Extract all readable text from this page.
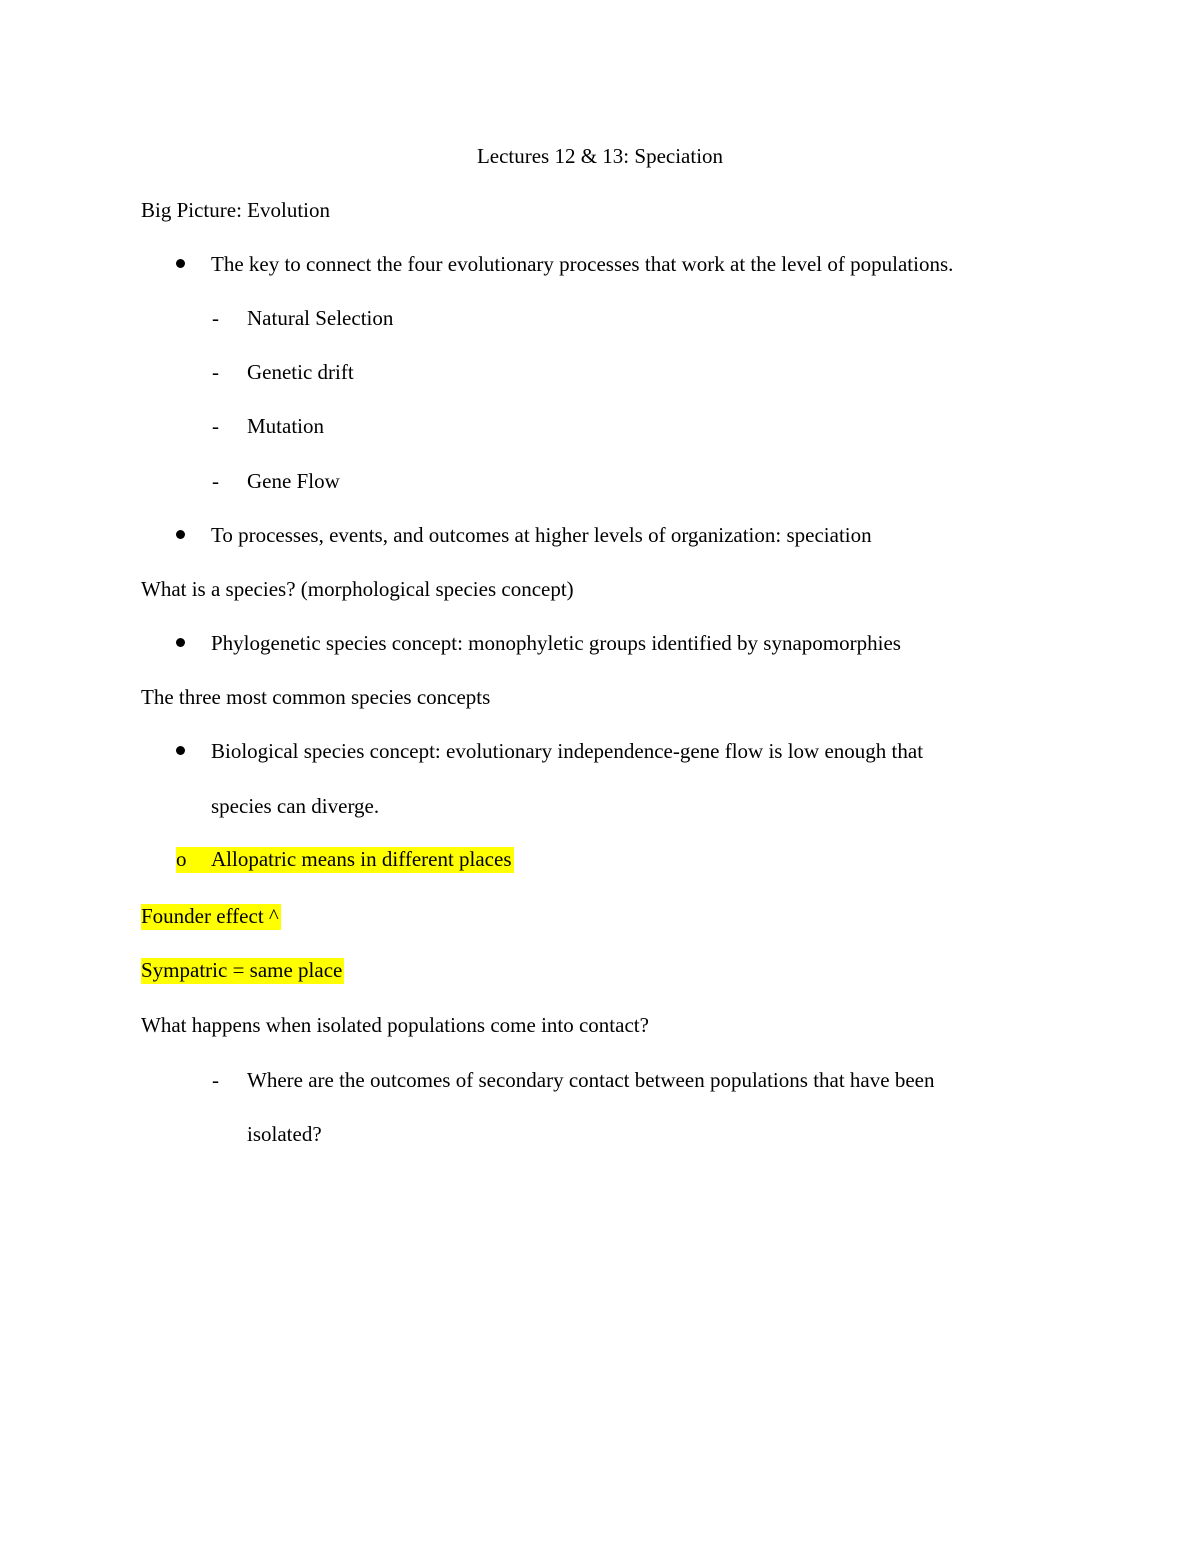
Lectures 12 & 13: Speciation
Big Picture: Evolution
The key to connect the four evolutionary processes that work at the level of populations.
- Natural Selection
- Genetic drift
- Mutation
- Gene Flow
To processes, events, and outcomes at higher levels of organization: speciation
What is a species? (morphological species concept)
Phylogenetic species concept: monophyletic groups identified by synapomorphies
The three most common species concepts
Biological species concept: evolutionary independence-gene flow is low enough that
species can diverge.
o Allopatric means in different places
Founder effect ^
Sympatric = same place
What happens when isolated populations come into contact?
- Where are the outcomes of secondary contact between populations that have been
isolated?
